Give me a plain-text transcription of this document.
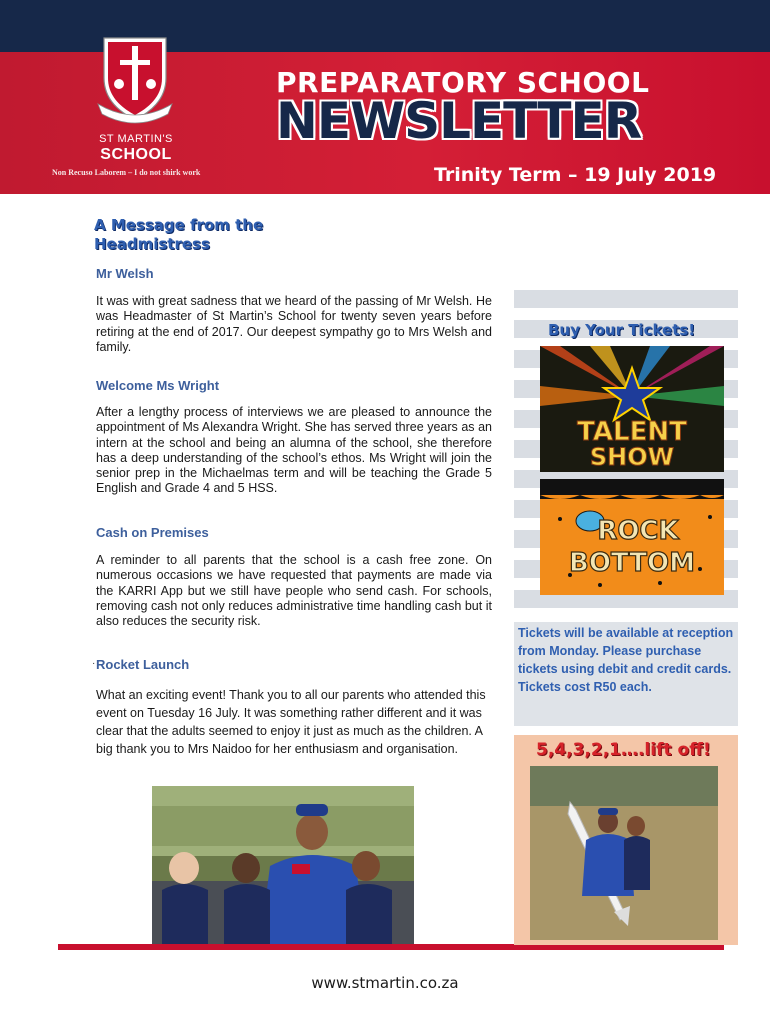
ST MARTIN'S
SCHOOL
Non Recuso Laborem – I do not shirk work
PREPARATORY SCHOOL
NEWSLETTER
Trinity Term – 19 July 2019
A Message from the Headmistress
Mr Welsh
It was with great sadness that we heard of the passing of Mr Welsh. He was Headmaster of St Martin’s School for twenty seven years before retiring at the end of 2017. Our deepest sympathy go to Mrs Welsh and family.
Welcome Ms Wright
After a lengthy process of interviews we are pleased to announce the appointment of Ms Alexandra Wright. She has served three years as an intern at the school and being an alumna of the school, she therefore has a deep understanding of the school’s ethos. Ms Wright will join the senior prep in the Michaelmas term and will be teaching the Grade 5 English and Grade 4 and 5 HSS.
Cash on Premises
A reminder to all parents that the school is a cash free zone. On numerous occasions we have requested that payments are made via the KARRI App but we still have people who send cash. For schools, removing cash not only reduces administrative time handling cash but it also reduces the security risk.
· Rocket Launch
What an exciting event! Thank you to all our parents who attended this event on Tuesday 16 July. It was something rather different and it was clear that the adults seemed to enjoy it just as much as the children. A big thank you to Mrs Naidoo for her enthusiasm and organisation.
www.stmartin.co.za
Buy Your Tickets!
TALENT
SHOW
ROCK
BOTTOM
Tickets will be available at reception from Monday. Please purchase tickets using debit and credit cards. Tickets cost R50 each.
5,4,3,2,1….lift off!
